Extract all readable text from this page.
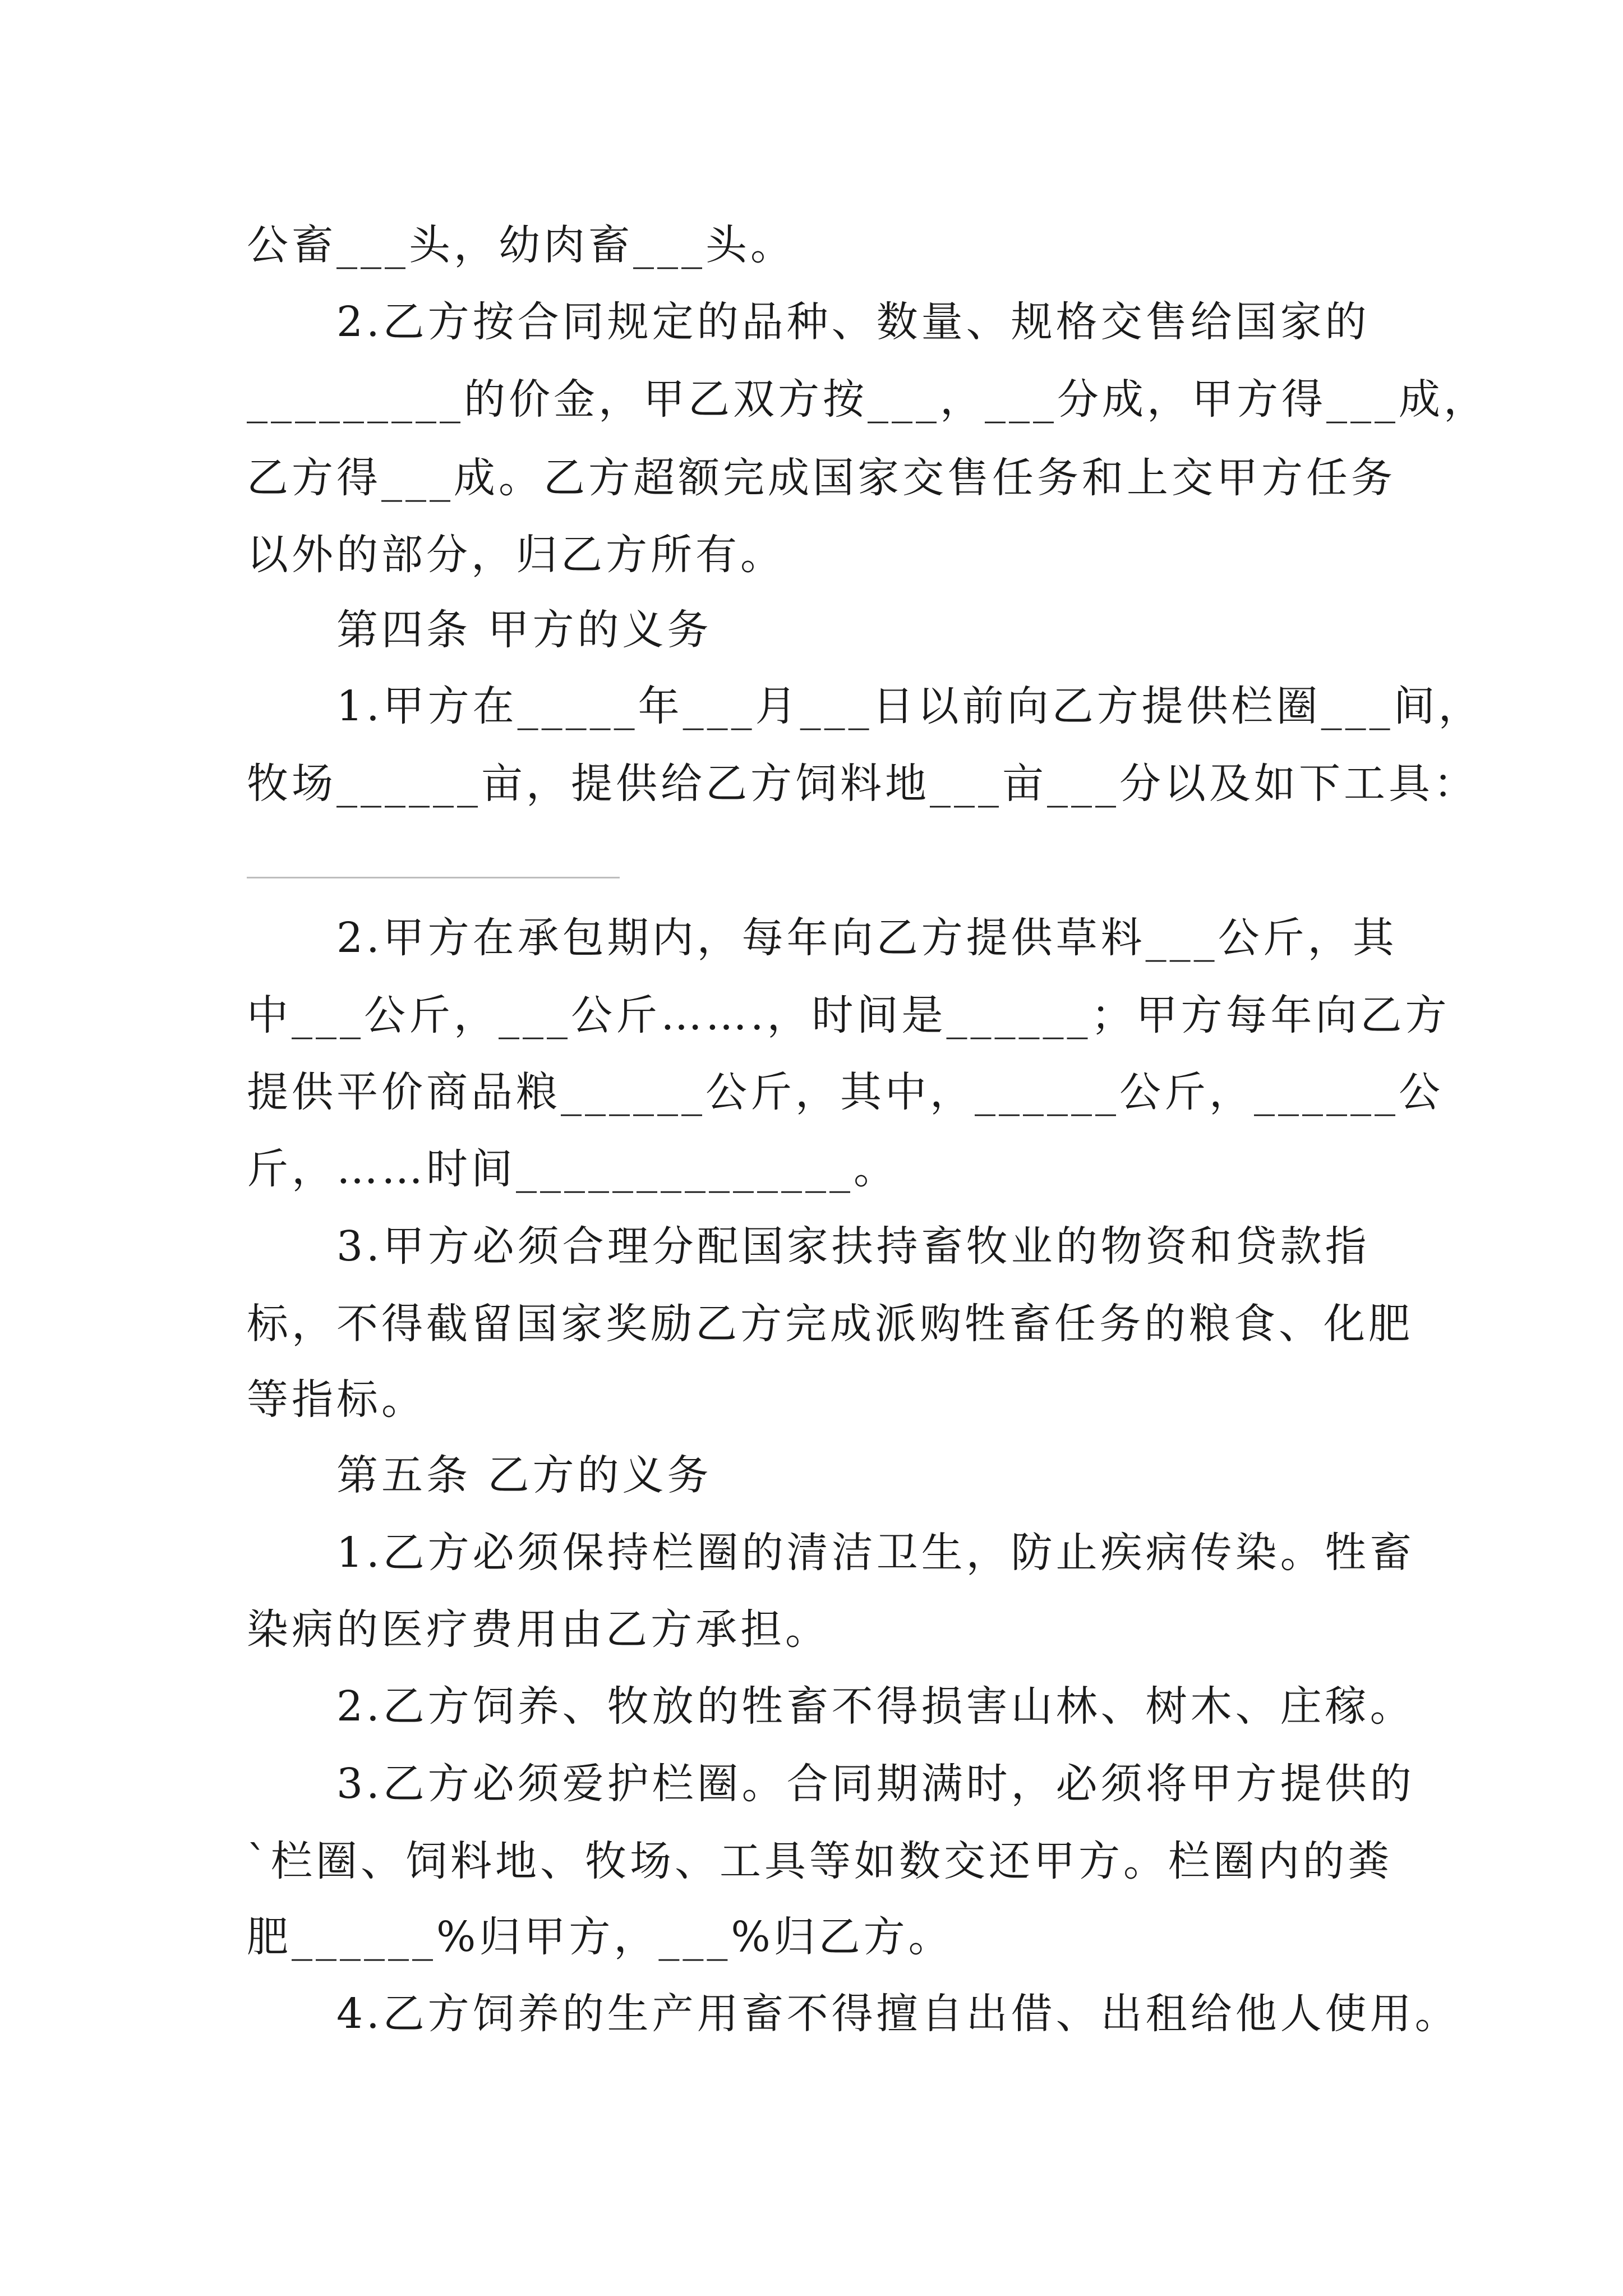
公畜___头，幼肉畜___头。
2.乙方按合同规定的品种、数量、规格交售给国家的
_________的价金，甲乙双方按___，___分成，甲方得___成，
乙方得___成。乙方超额完成国家交售任务和上交甲方任务
以外的部分，归乙方所有。
第四条 甲方的义务
1.甲方在_____年___月___日以前向乙方提供栏圈___间，
牧场______亩，提供给乙方饲料地___亩___分以及如下工具：
2.甲方在承包期内，每年向乙方提供草料___公斤，其
中___公斤，___公斤…….，时间是______；甲方每年向乙方
提供平价商品粮______公斤，其中，______公斤，______公
斤，……时间______________。
3.甲方必须合理分配国家扶持畜牧业的物资和贷款指
标，不得截留国家奖励乙方完成派购牲畜任务的粮食、化肥
等指标。
第五条 乙方的义务
1.乙方必须保持栏圈的清洁卫生，防止疾病传染。牲畜
染病的医疗费用由乙方承担。
2.乙方饲养、牧放的牲畜不得损害山林、树木、庄稼。
3.乙方必须爱护栏圈。合同期满时，必须将甲方提供的
`栏圈、饲料地、牧场、工具等如数交还甲方。栏圈内的粪
肥______%归甲方，___%归乙方。
4.乙方饲养的生产用畜不得擅自出借、出租给他人使用。
